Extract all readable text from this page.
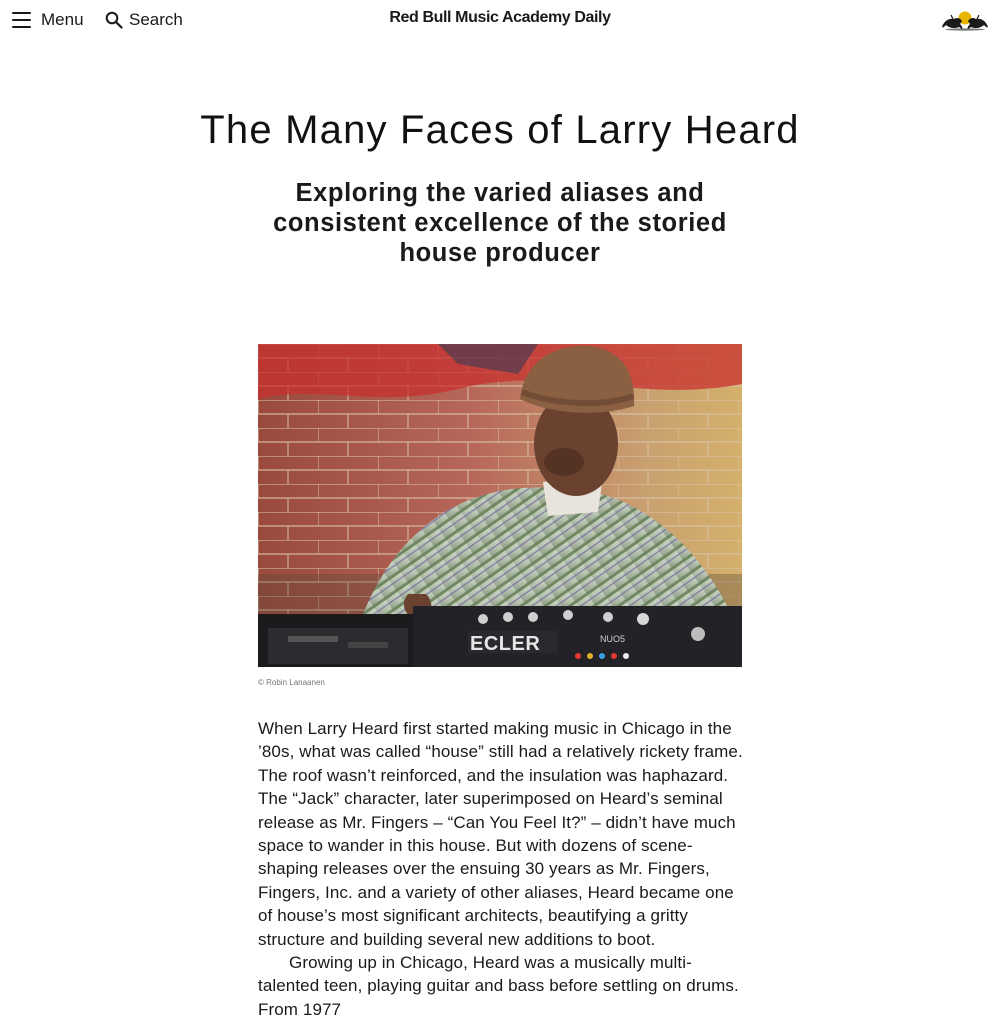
Menu	Search	Red Bull Music Academy Daily
The Many Faces of Larry Heard
Exploring the varied aliases and consistent excellence of the storied house producer
ECLER	NUO5
© Robin Lanaanen

When Larry Heard first started making music in Chicago in the ’80s, what was called “house” still had a relatively rickety frame. The roof wasn’t reinforced, and the insulation was haphazard. The “Jack” character, later superimposed on Heard’s seminal release as Mr. Fingers – “Can You Feel It?” – didn’t have much space to wander in this house. But with dozens of scene-shaping releases over the ensuing 30 years as Mr. Fingers, Fingers, Inc. and a variety of other aliases, Heard became one of house’s most significant architects, beautifying a gritty structure and building several new additions to boot.

Growing up in Chicago, Heard was a musically multi-talented teen, playing guitar and bass before settling on drums. From 1977
